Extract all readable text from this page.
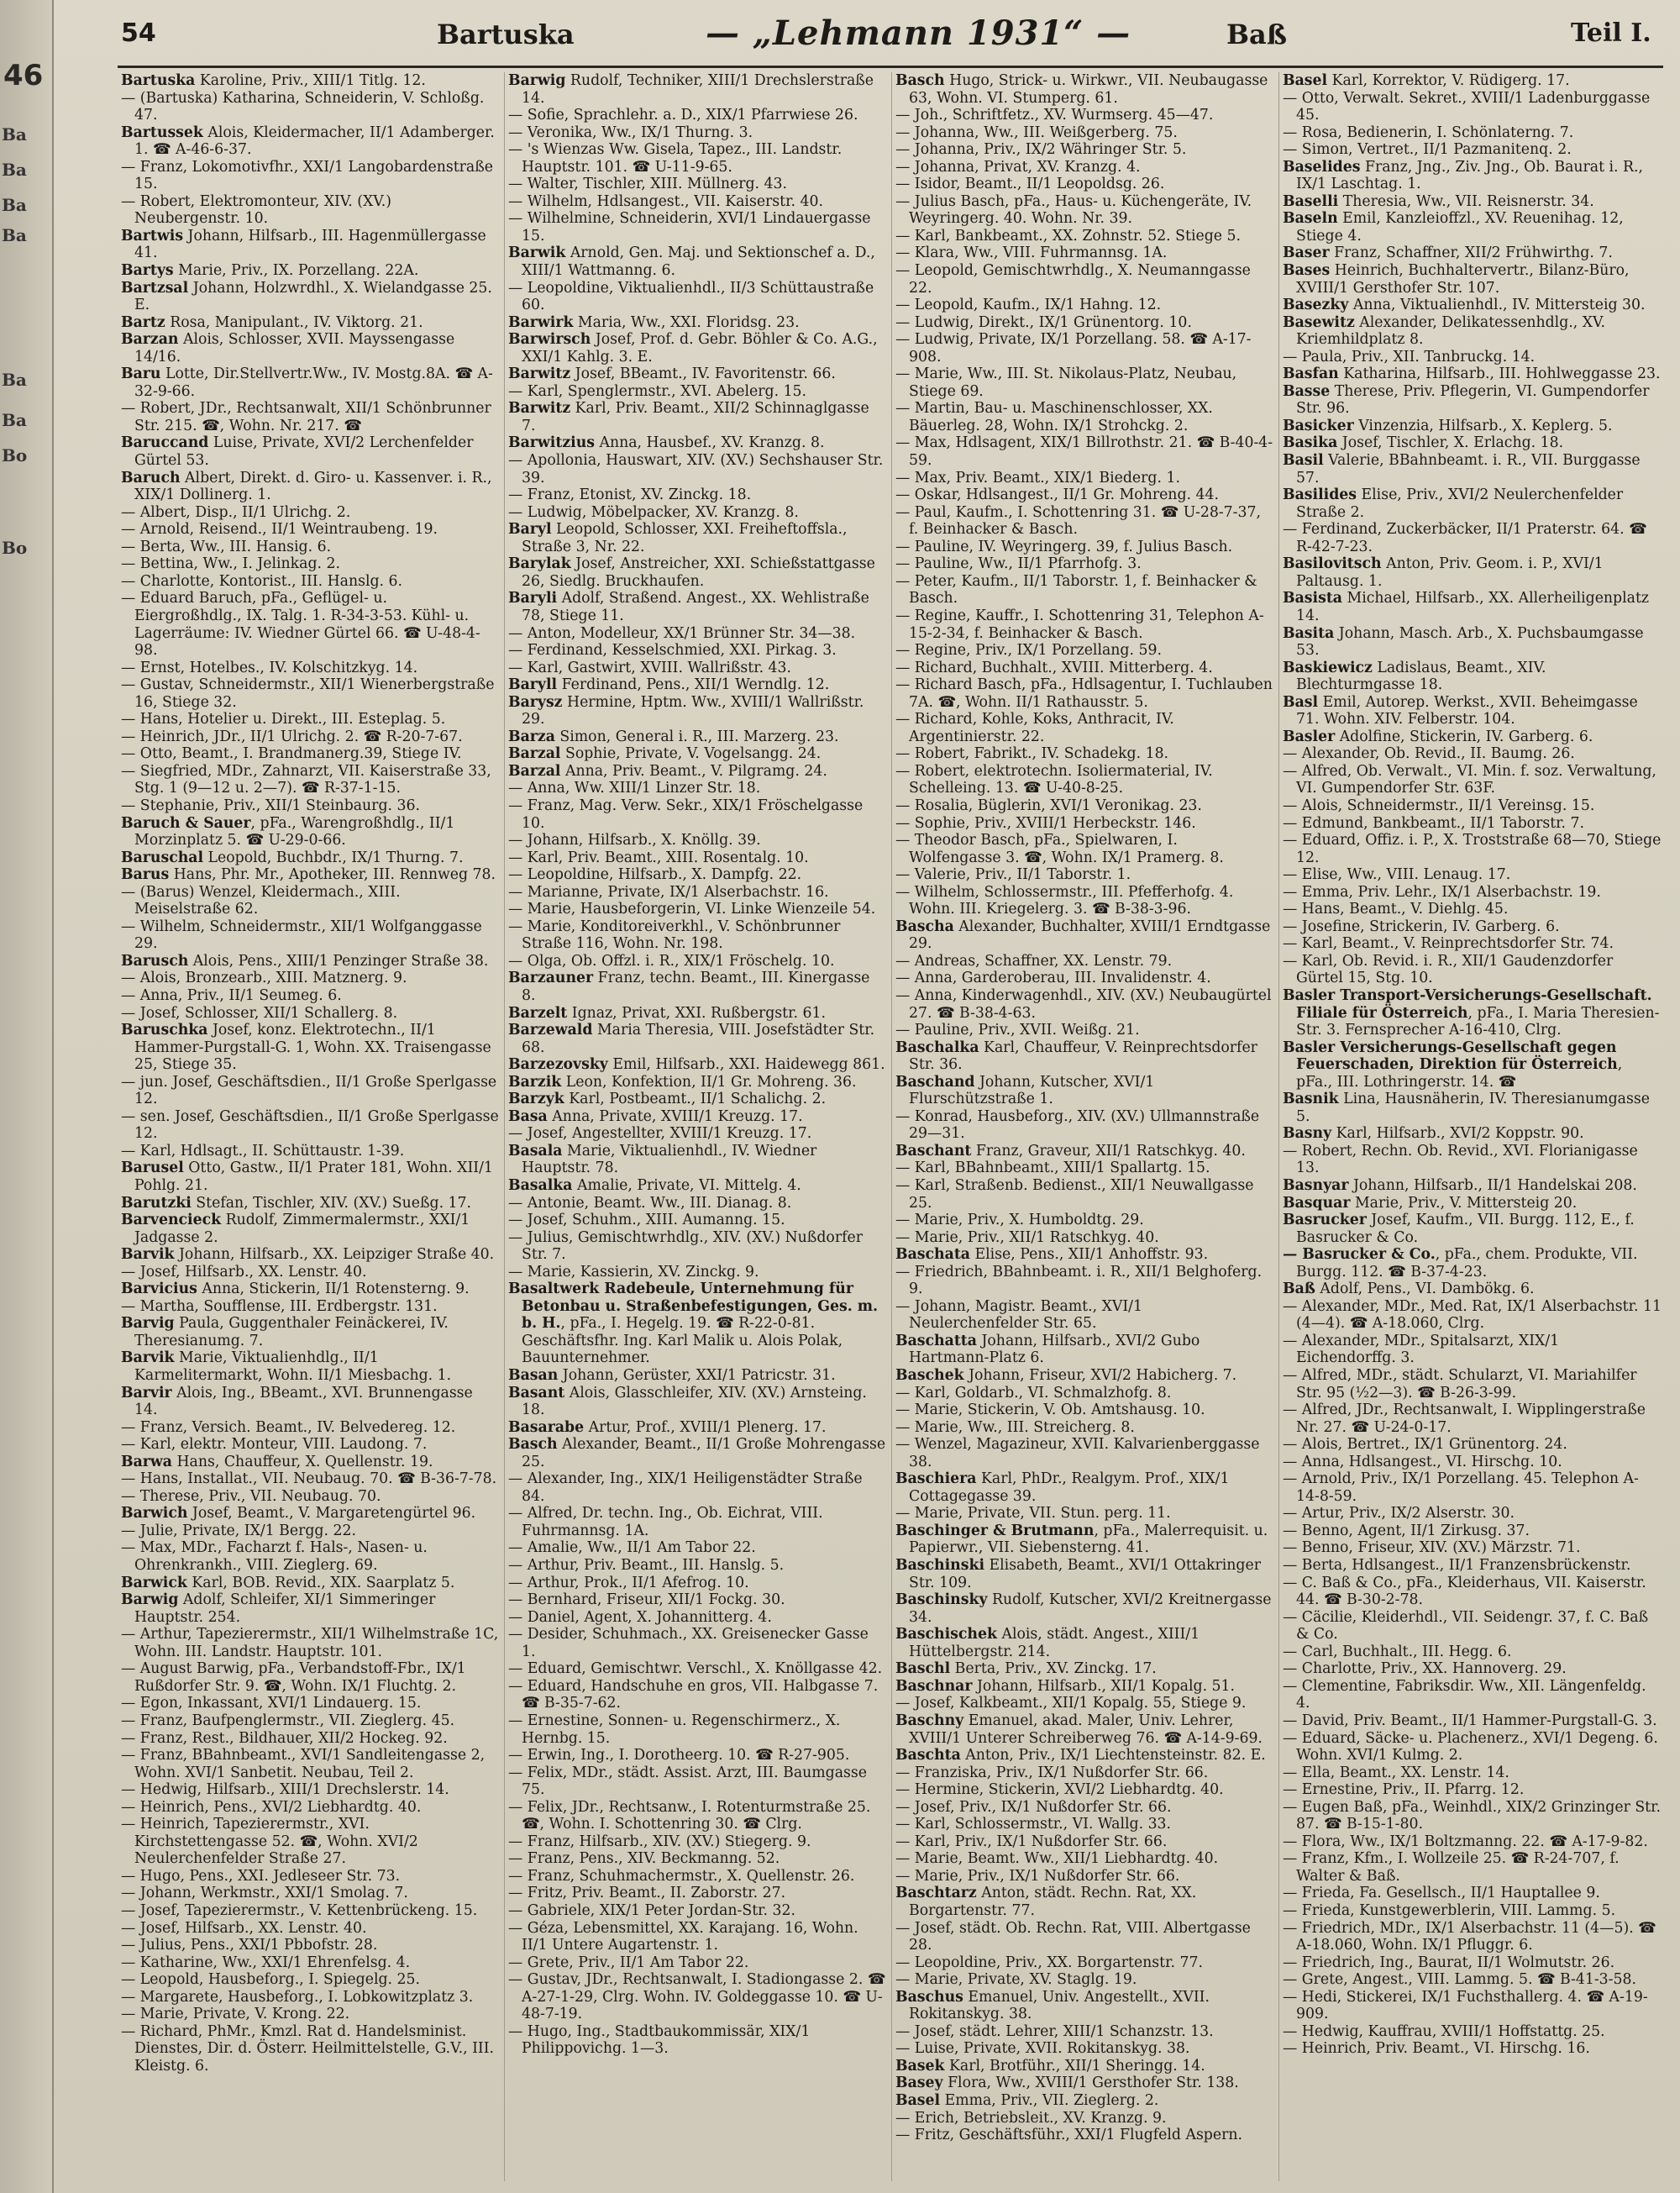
46
Ba
Ba
Ba
Ba
Ba
Ba
Bo
Bo
54	Bartuska	— „Lehmann 1931“ —	Baß	Teil I.

Bartuska Karoline, Priv., XIII/1 Titlg. 12.

— (Bartuska) Katharina, Schneiderin, V. Schloßg. 47.

Bartussek Alois, Kleidermacher, II/1 Adamberger. 1. ☎ A-46-6-37.

— Franz, Lokomotivfhr., XXI/1 Langobardenstraße 15.

— Robert, Elektromonteur, XIV. (XV.) Neubergenstr. 10.

Bartwis Johann, Hilfsarb., III. Hagenmüllergasse 41.

Bartys Marie, Priv., IX. Porzellang. 22A.

Bartzsal Johann, Holzwrdhl., X. Wielandgasse 25. E.

Bartz Rosa, Manipulant., IV. Viktorg. 21.

Barzan Alois, Schlosser, XVII. Mayssengasse 14/16.

Baru Lotte, Dir.Stellvertr.Ww., IV. Mostg.8A. ☎ A-32-9-66.

— Robert, JDr., Rechtsanwalt, XII/1 Schönbrunner Str. 215. ☎, Wohn. Nr. 217. ☎

Baruccand Luise, Private, XVI/2 Lerchenfelder Gürtel 53.

Baruch Albert, Direkt. d. Giro- u. Kassenver. i. R., XIX/1 Dollinerg. 1.

— Albert, Disp., II/1 Ulrichg. 2.

— Arnold, Reisend., II/1 Weintraubeng. 19.

— Berta, Ww., III. Hansig. 6.

— Bettina, Ww., I. Jelinkag. 2.

— Charlotte, Kontorist., III. Hanslg. 6.

— Eduard Baruch, pFa., Geflügel- u. Eiergroßhdlg., IX. Talg. 1. R-34-3-53. Kühl- u. Lagerräume: IV. Wiedner Gürtel 66. ☎ U-48-4-98.

— Ernst, Hotelbes., IV. Kolschitzkyg. 14.

— Gustav, Schneidermstr., XII/1 Wienerbergstraße 16, Stiege 32.

— Hans, Hotelier u. Direkt., III. Esteplag. 5.

— Heinrich, JDr., II/1 Ulrichg. 2. ☎ R-20-7-67.

— Otto, Beamt., I. Brandmanerg.39, Stiege IV.

— Siegfried, MDr., Zahnarzt, VII. Kaiserstraße 33, Stg. 1 (9—12 u. 2—7). ☎ R-37-1-15.

— Stephanie, Priv., XII/1 Steinbaurg. 36.

Baruch & Sauer, pFa., Warengroßhdlg., II/1 Morzinplatz 5. ☎ U-29-0-66.

Baruschal Leopold, Buchbdr., IX/1 Thurng. 7.

Barus Hans, Phr. Mr., Apotheker, III. Rennweg 78.

— (Barus) Wenzel, Kleidermach., XIII. Meiselstraße 62.

— Wilhelm, Schneidermstr., XII/1 Wolfganggasse 29.

Barusch Alois, Pens., XIII/1 Penzinger Straße 38.

— Alois, Bronzearb., XIII. Matznerg. 9.

— Anna, Priv., II/1 Seumeg. 6.

— Josef, Schlosser, XII/1 Schallerg. 8.

Baruschka Josef, konz. Elektrotechn., II/1 Hammer-Purgstall-G. 1, Wohn. XX. Traisengasse 25, Stiege 35.

— jun. Josef, Geschäftsdien., II/1 Große Sperlgasse 12.

— sen. Josef, Geschäftsdien., II/1 Große Sperlgasse 12.

— Karl, Hdlsagt., II. Schüttaustr. 1-39.

Barusel Otto, Gastw., II/1 Prater 181, Wohn. XII/1 Pohlg. 21.

Barutzki Stefan, Tischler, XIV. (XV.) Sueßg. 17.

Barvencieck Rudolf, Zimmermalermstr., XXI/1 Jadgasse 2.

Barvik Johann, Hilfsarb., XX. Leipziger Straße 40.

— Josef, Hilfsarb., XX. Lenstr. 40.

Barvicius Anna, Stickerin, II/1 Rotensterng. 9.

— Martha, Soufflense, III. Erdbergstr. 131.

Barvig Paula, Guggenthaler Feinäckerei, IV. Theresianumg. 7.

Barvik Marie, Viktualienhdlg., II/1 Karmelitermarkt, Wohn. II/1 Miesbachg. 1.

Barvir Alois, Ing., BBeamt., XVI. Brunnengasse 14.

— Franz, Versich. Beamt., IV. Belvedereg. 12.

— Karl, elektr. Monteur, VIII. Laudong. 7.

Barwa Hans, Chauffeur, X. Quellenstr. 19.

— Hans, Installat., VII. Neubaug. 70. ☎ B-36-7-78.

— Therese, Priv., VII. Neubaug. 70.

Barwich Josef, Beamt., V. Margaretengürtel 96.

— Julie, Private, IX/1 Bergg. 22.

— Max, MDr., Facharzt f. Hals-, Nasen- u. Ohrenkrankh., VIII. Zieglerg. 69.

Barwick Karl, BOB. Revid., XIX. Saarplatz 5.

Barwig Adolf, Schleifer, XI/1 Simmeringer Hauptstr. 254.

— Arthur, Tapezierermstr., XII/1 Wilhelmstraße 1C, Wohn. III. Landstr. Hauptstr. 101.

— August Barwig, pFa., Verbandstoff-Fbr., IX/1 Rußdorfer Str. 9. ☎, Wohn. IX/1 Fluchtg. 2.

— Egon, Inkassant, XVI/1 Lindauerg. 15.

— Franz, Baufpenglermstr., VII. Zieglerg. 45.

— Franz, Rest., Bildhauer, XII/2 Hockeg. 92.

— Franz, BBahnbeamt., XVI/1 Sandleitengasse 2, Wohn. XVI/1 Sanbetit. Neubau, Teil 2.

— Hedwig, Hilfsarb., XIII/1 Drechslerstr. 14.

— Heinrich, Pens., XVI/2 Liebhardtg. 40.

— Heinrich, Tapezierermstr., XVI. Kirchstettengasse 52. ☎, Wohn. XVI/2 Neulerchenfelder Straße 27.

— Hugo, Pens., XXI. Jedleseer Str. 73.

— Johann, Werkmstr., XXI/1 Smolag. 7.

— Josef, Tapezierermstr., V. Kettenbrückeng. 15.

— Josef, Hilfsarb., XX. Lenstr. 40.

— Julius, Pens., XXI/1 Pbbofstr. 28.

— Katharine, Ww., XXI/1 Ehrenfelsg. 4.

— Leopold, Hausbeforg., I. Spiegelg. 25.

— Margarete, Hausbeforg., I. Lobkowitzplatz 3.

— Marie, Private, V. Krong. 22.

— Richard, PhMr., Kmzl. Rat d. Handelsminist. Dienstes, Dir. d. Österr. Heilmittelstelle, G.V., III. Kleistg. 6.

Barwig Rudolf, Techniker, XIII/1 Drechslerstraße 14.

— Sofie, Sprachlehr. a. D., XIX/1 Pfarrwiese 26.

— Veronika, Ww., IX/1 Thurng. 3.

— 's Wienzas Ww. Gisela, Tapez., III. Landstr. Hauptstr. 101. ☎ U-11-9-65.

— Walter, Tischler, XIII. Müllnerg. 43.

— Wilhelm, Hdlsangest., VII. Kaiserstr. 40.

— Wilhelmine, Schneiderin, XVI/1 Lindauergasse 15.

Barwik Arnold, Gen. Maj. und Sektionschef a. D., XIII/1 Wattmanng. 6.

— Leopoldine, Viktualienhdl., II/3 Schüttaustraße 60.

Barwirk Maria, Ww., XXI. Floridsg. 23.

Barwirsch Josef, Prof. d. Gebr. Böhler & Co. A.G., XXI/1 Kahlg. 3. E.

Barwitz Josef, BBeamt., IV. Favoritenstr. 66.

— Karl, Spenglermstr., XVI. Abelerg. 15.

Barwitz Karl, Priv. Beamt., XII/2 Schinnaglgasse 7.

Barwitzius Anna, Hausbef., XV. Kranzg. 8.

— Apollonia, Hauswart, XIV. (XV.) Sechshauser Str. 39.

— Franz, Etonist, XV. Zinckg. 18.

— Ludwig, Möbelpacker, XV. Kranzg. 8.

Baryl Leopold, Schlosser, XXI. Freiheftoffsla., Straße 3, Nr. 22.

Barylak Josef, Anstreicher, XXI. Schießstattgasse 26, Siedlg. Bruckhaufen.

Baryli Adolf, Straßend. Angest., XX. Wehlistraße 78, Stiege 11.

— Anton, Modelleur, XX/1 Brünner Str. 34—38.

— Ferdinand, Kesselschmied, XXI. Pirkag. 3.

— Karl, Gastwirt, XVIII. Wallrißstr. 43.

Baryll Ferdinand, Pens., XII/1 Werndlg. 12.

Barysz Hermine, Hptm. Ww., XVIII/1 Wallrißstr. 29.

Barza Simon, General i. R., III. Marzerg. 23.

Barzal Sophie, Private, V. Vogelsangg. 24.

Barzal Anna, Priv. Beamt., V. Pilgramg. 24.

— Anna, Ww. XIII/1 Linzer Str. 18.

— Franz, Mag. Verw. Sekr., XIX/1 Fröschelgasse 10.

— Johann, Hilfsarb., X. Knöllg. 39.

— Karl, Priv. Beamt., XIII. Rosentalg. 10.

— Leopoldine, Hilfsarb., X. Dampfg. 22.

— Marianne, Private, IX/1 Alserbachstr. 16.

— Marie, Hausbeforgerin, VI. Linke Wienzeile 54.

— Marie, Konditoreiverkhl., V. Schönbrunner Straße 116, Wohn. Nr. 198.

— Olga, Ob. Offzl. i. R., XIX/1 Fröschelg. 10.

Barzauner Franz, techn. Beamt., III. Kinergasse 8.

Barzelt Ignaz, Privat, XXI. Rußbergstr. 61.

Barzewald Maria Theresia, VIII. Josefstädter Str. 68.

Barzezovsky Emil, Hilfsarb., XXI. Haidewegg 861.

Barzik Leon, Konfektion, II/1 Gr. Mohreng. 36.

Barzyk Karl, Postbeamt., II/1 Schalichg. 2.

Basa Anna, Private, XVIII/1 Kreuzg. 17.

— Josef, Angestellter, XVIII/1 Kreuzg. 17.

Basala Marie, Viktualienhdl., IV. Wiedner Hauptstr. 78.

Basalka Amalie, Private, VI. Mittelg. 4.

— Antonie, Beamt. Ww., III. Dianag. 8.

— Josef, Schuhm., XIII. Aumanng. 15.

— Julius, Gemischtwrhdlg., XIV. (XV.) Nußdorfer Str. 7.

— Marie, Kassierin, XV. Zinckg. 9.

Basaltwerk Radebeule, Unternehmung für Betonbau u. Straßenbefestigungen, Ges. m. b. H., pFa., I. Hegelg. 19. ☎ R-22-0-81. Geschäftsfhr. Ing. Karl Malik u. Alois Polak, Bauunternehmer.

Basan Johann, Gerüster, XXI/1 Patricstr. 31.

Basant Alois, Glasschleifer, XIV. (XV.) Arnsteing. 18.

Basarabe Artur, Prof., XVIII/1 Plenerg. 17.

Basch Alexander, Beamt., II/1 Große Mohrengasse 25.

— Alexander, Ing., XIX/1 Heiligenstädter Straße 84.

— Alfred, Dr. techn. Ing., Ob. Eichrat, VIII. Fuhrmannsg. 1A.

— Amalie, Ww., II/1 Am Tabor 22.

— Arthur, Priv. Beamt., III. Hanslg. 5.

— Arthur, Prok., II/1 Afefrog. 10.

— Bernhard, Friseur, XII/1 Fockg. 30.

— Daniel, Agent, X. Johannitterg. 4.

— Desider, Schuhmach., XX. Greisenecker Gasse 1.

— Eduard, Gemischtwr. Verschl., X. Knöllgasse 42.

— Eduard, Handschuhe en gros, VII. Halbgasse 7. ☎ B-35-7-62.

— Ernestine, Sonnen- u. Regenschirmerz., X. Hernbg. 15.

— Erwin, Ing., I. Dorotheerg. 10. ☎ R-27-905.

— Felix, MDr., städt. Assist. Arzt, III. Baumgasse 75.

— Felix, JDr., Rechtsanw., I. Rotenturmstraße 25. ☎, Wohn. I. Schottenring 30. ☎ Clrg.

— Franz, Hilfsarb., XIV. (XV.) Stiegerg. 9.

— Franz, Pens., XIV. Beckmanng. 52.

— Franz, Schuhmachermstr., X. Quellenstr. 26.

— Fritz, Priv. Beamt., II. Zaborstr. 27.

— Gabriele, XIX/1 Peter Jordan-Str. 32.

— Géza, Lebensmittel, XX. Karajang. 16, Wohn. II/1 Untere Augartenstr. 1.

— Grete, Priv., II/1 Am Tabor 22.

— Gustav, JDr., Rechtsanwalt, I. Stadiongasse 2. ☎ A-27-1-29, Clrg. Wohn. IV. Goldeggasse 10. ☎ U-48-7-19.

— Hugo, Ing., Stadtbaukommissär, XIX/1 Philippovichg. 1—3.

Basch Hugo, Strick- u. Wirkwr., VII. Neubaugasse 63, Wohn. VI. Stumperg. 61.

— Joh., Schriftfetz., XV. Wurmserg. 45—47.

— Johanna, Ww., III. Weißgerberg. 75.

— Johanna, Priv., IX/2 Währinger Str. 5.

— Johanna, Privat, XV. Kranzg. 4.

— Isidor, Beamt., II/1 Leopoldsg. 26.

— Julius Basch, pFa., Haus- u. Küchengeräte, IV. Weyringerg. 40. Wohn. Nr. 39.

— Karl, Bankbeamt., XX. Zohnstr. 52. Stiege 5.

— Klara, Ww., VIII. Fuhrmannsg. 1A.

— Leopold, Gemischtwrhdlg., X. Neumanngasse 22.

— Leopold, Kaufm., IX/1 Hahng. 12.

— Ludwig, Direkt., IX/1 Grünentorg. 10.

— Ludwig, Private, IX/1 Porzellang. 58. ☎ A-17-908.

— Marie, Ww., III. St. Nikolaus-Platz, Neubau, Stiege 69.

— Martin, Bau- u. Maschinenschlosser, XX. Bäuerleg. 28, Wohn. IX/1 Strohckg. 2.

— Max, Hdlsagent, XIX/1 Billrothstr. 21. ☎ B-40-4-59.

— Max, Priv. Beamt., XIX/1 Biederg. 1.

— Oskar, Hdlsangest., II/1 Gr. Mohreng. 44.

— Paul, Kaufm., I. Schottenring 31. ☎ U-28-7-37, f. Beinhacker & Basch.

— Pauline, IV. Weyringerg. 39, f. Julius Basch.

— Pauline, Ww., II/1 Pfarrhofg. 3.

— Peter, Kaufm., II/1 Taborstr. 1, f. Beinhacker & Basch.

— Regine, Kauffr., I. Schottenring 31, Telephon A-15-2-34, f. Beinhacker & Basch.

— Regine, Priv., IX/1 Porzellang. 59.

— Richard, Buchhalt., XVIII. Mitterberg. 4.

— Richard Basch, pFa., Hdlsagentur, I. Tuchlauben 7A. ☎, Wohn. II/1 Rathausstr. 5.

— Richard, Kohle, Koks, Anthracit, IV. Argentinierstr. 22.

— Robert, Fabrikt., IV. Schadekg. 18.

— Robert, elektrotechn. Isoliermaterial, IV. Schelleing. 13. ☎ U-40-8-25.

— Rosalia, Büglerin, XVI/1 Veronikag. 23.

— Sophie, Priv., XVIII/1 Herbeckstr. 146.

— Theodor Basch, pFa., Spielwaren, I. Wolfengasse 3. ☎, Wohn. IX/1 Pramerg. 8.

— Valerie, Priv., II/1 Taborstr. 1.

— Wilhelm, Schlossermstr., III. Pfefferhofg. 4. Wohn. III. Kriegelerg. 3. ☎ B-38-3-96.

Bascha Alexander, Buchhalter, XVIII/1 Erndtgasse 29.

— Andreas, Schaffner, XX. Lenstr. 79.

— Anna, Garderoberau, III. Invalidenstr. 4.

— Anna, Kinderwagenhdl., XIV. (XV.) Neubaugürtel 27. ☎ B-38-4-63.

— Pauline, Priv., XVII. Weißg. 21.

Baschalka Karl, Chauffeur, V. Reinprechtsdorfer Str. 36.

Baschand Johann, Kutscher, XVI/1 Flurschützstraße 1.

— Konrad, Hausbeforg., XIV. (XV.) Ullmannstraße 29—31.

Baschant Franz, Graveur, XII/1 Ratschkyg. 40.

— Karl, BBahnbeamt., XIII/1 Spallartg. 15.

— Karl, Straßenb. Bedienst., XII/1 Neuwallgasse 25.

— Marie, Priv., X. Humboldtg. 29.

— Marie, Priv., XII/1 Ratschkyg. 40.

Baschata Elise, Pens., XII/1 Anhoffstr. 93.

— Friedrich, BBahnbeamt. i. R., XII/1 Belghoferg. 9.

— Johann, Magistr. Beamt., XVI/1 Neulerchenfelder Str. 65.

Baschatta Johann, Hilfsarb., XVI/2 Gubo Hartmann-Platz 6.

Baschek Johann, Friseur, XVI/2 Habicherg. 7.

— Karl, Goldarb., VI. Schmalzhofg. 8.

— Marie, Stickerin, V. Ob. Amtshausg. 10.

— Marie, Ww., III. Streicherg. 8.

— Wenzel, Magazineur, XVII. Kalvarienberggasse 38.

Baschiera Karl, PhDr., Realgym. Prof., XIX/1 Cottagegasse 39.

— Marie, Private, VII. Stun. perg. 11.

Baschinger & Brutmann, pFa., Malerrequisit. u. Papierwr., VII. Siebensterng. 41.

Baschinski Elisabeth, Beamt., XVI/1 Ottakringer Str. 109.

Baschinsky Rudolf, Kutscher, XVI/2 Kreitnergasse 34.

Baschischek Alois, städt. Angest., XIII/1 Hüttelbergstr. 214.

Baschl Berta, Priv., XV. Zinckg. 17.

Baschnar Johann, Hilfsarb., XII/1 Kopalg. 51.

— Josef, Kalkbeamt., XII/1 Kopalg. 55, Stiege 9.

Baschny Emanuel, akad. Maler, Univ. Lehrer, XVIII/1 Unterer Schreiberweg 76. ☎ A-14-9-69.

Baschta Anton, Priv., IX/1 Liechtensteinstr. 82. E.

— Franziska, Priv., IX/1 Nußdorfer Str. 66.

— Hermine, Stickerin, XVI/2 Liebhardtg. 40.

— Josef, Priv., IX/1 Nußdorfer Str. 66.

— Karl, Schlossermstr., VI. Wallg. 33.

— Karl, Priv., IX/1 Nußdorfer Str. 66.

— Marie, Beamt. Ww., XII/1 Liebhardtg. 40.

— Marie, Priv., IX/1 Nußdorfer Str. 66.

Baschtarz Anton, städt. Rechn. Rat, XX. Borgartenstr. 77.

— Josef, städt. Ob. Rechn. Rat, VIII. Albertgasse 28.

— Leopoldine, Priv., XX. Borgartenstr. 77.

— Marie, Private, XV. Staglg. 19.

Baschus Emanuel, Univ. Angestellt., XVII. Rokitanskyg. 38.

— Josef, städt. Lehrer, XIII/1 Schanzstr. 13.

— Luise, Private, XVII. Rokitanskyg. 38.

Basek Karl, Brotführ., XII/1 Sheringg. 14.

Basey Flora, Ww., XVIII/1 Gersthofer Str. 138.

Basel Emma, Priv., VII. Zieglerg. 2.

— Erich, Betriebsleit., XV. Kranzg. 9.

— Fritz, Geschäftsführ., XXI/1 Flugfeld Aspern.

Basel Karl, Korrektor, V. Rüdigerg. 17.

— Otto, Verwalt. Sekret., XVIII/1 Ladenburggasse 45.

— Rosa, Bedienerin, I. Schönlaterng. 7.

— Simon, Vertret., II/1 Pazmanitenq. 2.

Baselides Franz, Jng., Ziv. Jng., Ob. Baurat i. R., IX/1 Laschtag. 1.

Baselli Theresia, Ww., VII. Reisnerstr. 34.

Baseln Emil, Kanzleioffzl., XV. Reuenihag. 12, Stiege 4.

Baser Franz, Schaffner, XII/2 Frühwirthg. 7.

Bases Heinrich, Buchhaltervertr., Bilanz-Büro, XVIII/1 Gersthofer Str. 107.

Basezky Anna, Viktualienhdl., IV. Mittersteig 30.

Basewitz Alexander, Delikatessenhdlg., XV. Kriemhildplatz 8.

— Paula, Priv., XII. Tanbruckg. 14.

Basfan Katharina, Hilfsarb., III. Hohlweggasse 23.

Basse Therese, Priv. Pflegerin, VI. Gumpendorfer Str. 96.

Basicker Vinzenzia, Hilfsarb., X. Keplerg. 5.

Basika Josef, Tischler, X. Erlachg. 18.

Basil Valerie, BBahnbeamt. i. R., VII. Burggasse 57.

Basilides Elise, Priv., XVI/2 Neulerchenfelder Straße 2.

— Ferdinand, Zuckerbäcker, II/1 Praterstr. 64. ☎ R-42-7-23.

Basilovitsch Anton, Priv. Geom. i. P., XVI/1 Paltausg. 1.

Basista Michael, Hilfsarb., XX. Allerheiligenplatz 14.

Basita Johann, Masch. Arb., X. Puchsbaumgasse 53.

Baskiewicz Ladislaus, Beamt., XIV. Blechturmgasse 18.

Basl Emil, Autorep. Werkst., XVII. Beheimgasse 71. Wohn. XIV. Felberstr. 104.

Basler Adolfine, Stickerin, IV. Garberg. 6.

— Alexander, Ob. Revid., II. Baumg. 26.

— Alfred, Ob. Verwalt., VI. Min. f. soz. Verwaltung, VI. Gumpendorfer Str. 63F.

— Alois, Schneidermstr., II/1 Vereinsg. 15.

— Edmund, Bankbeamt., II/1 Taborstr. 7.

— Eduard, Offiz. i. P., X. Troststraße 68—70, Stiege 12.

— Elise, Ww., VIII. Lenaug. 17.

— Emma, Priv. Lehr., IX/1 Alserbachstr. 19.

— Hans, Beamt., V. Diehlg. 45.

— Josefine, Strickerin, IV. Garberg. 6.

— Karl, Beamt., V. Reinprechtsdorfer Str. 74.

— Karl, Ob. Revid. i. R., XII/1 Gaudenzdorfer Gürtel 15, Stg. 10.

Basler Transport-Versicherungs-Gesellschaft. Filiale für Österreich, pFa., I. Maria Theresien-Str. 3. Fernsprecher A-16-410, Clrg.

Basler Versicherungs-Gesellschaft gegen Feuerschaden, Direktion für Österreich, pFa., III. Lothringerstr. 14. ☎

Basnik Lina, Hausnäherin, IV. Theresianumgasse 5.

Basny Karl, Hilfsarb., XVI/2 Koppstr. 90.

— Robert, Rechn. Ob. Revid., XVI. Florianigasse 13.

Basnyar Johann, Hilfsarb., II/1 Handelskai 208.

Basquar Marie, Priv., V. Mittersteig 20.

Basrucker Josef, Kaufm., VII. Burgg. 112, E., f. Basrucker & Co.

— Basrucker & Co., pFa., chem. Produkte, VII. Burgg. 112. ☎ B-37-4-23.

Baß Adolf, Pens., VI. Dambökg. 6.

— Alexander, MDr., Med. Rat, IX/1 Alserbachstr. 11 (4—4). ☎ A-18.060, Clrg.

— Alexander, MDr., Spitalsarzt, XIX/1 Eichendorffg. 3.

— Alfred, MDr., städt. Schularzt, VI. Mariahilfer Str. 95 (½2—3). ☎ B-26-3-99.

— Alfred, JDr., Rechtsanwalt, I. Wipplingerstraße Nr. 27. ☎ U-24-0-17.

— Alois, Bertret., IX/1 Grünentorg. 24.

— Anna, Hdlsangest., VI. Hirschg. 10.

— Arnold, Priv., IX/1 Porzellang. 45. Telephon A-14-8-59.

— Artur, Priv., IX/2 Alserstr. 30.

— Benno, Agent, II/1 Zirkusg. 37.

— Benno, Friseur, XIV. (XV.) Märzstr. 71.

— Berta, Hdlsangest., II/1 Franzensbrückenstr.

— C. Baß & Co., pFa., Kleiderhaus, VII. Kaiserstr. 44. ☎ B-30-2-78.

— Cäcilie, Kleiderhdl., VII. Seidengr. 37, f. C. Baß & Co.

— Carl, Buchhalt., III. Hegg. 6.

— Charlotte, Priv., XX. Hannoverg. 29.

— Clementine, Fabriksdir. Ww., XII. Längenfeldg. 4.

— David, Priv. Beamt., II/1 Hammer-Purgstall-G. 3.

— Eduard, Säcke- u. Plachenerz., XVI/1 Degeng. 6. Wohn. XVI/1 Kulmg. 2.

— Ella, Beamt., XX. Lenstr. 14.

— Ernestine, Priv., II. Pfarrg. 12.

— Eugen Baß, pFa., Weinhdl., XIX/2 Grinzinger Str. 87. ☎ B-15-1-80.

— Flora, Ww., IX/1 Boltzmanng. 22. ☎ A-17-9-82.

— Franz, Kfm., I. Wollzeile 25. ☎ R-24-707, f. Walter & Baß.

— Frieda, Fa. Gesellsch., II/1 Hauptallee 9.

— Frieda, Kunstgewerblerin, VIII. Lammg. 5.

— Friedrich, MDr., IX/1 Alserbachstr. 11 (4—5). ☎ A-18.060, Wohn. IX/1 Pfluggr. 6.

— Friedrich, Ing., Baurat, II/1 Wolmutstr. 26.

— Grete, Angest., VIII. Lammg. 5. ☎ B-41-3-58.

— Hedi, Stickerei, IX/1 Fuchsthallerg. 4. ☎ A-19-909.

— Hedwig, Kauffrau, XVIII/1 Hoffstattg. 25.

— Heinrich, Priv. Beamt., VI. Hirschg. 16.
